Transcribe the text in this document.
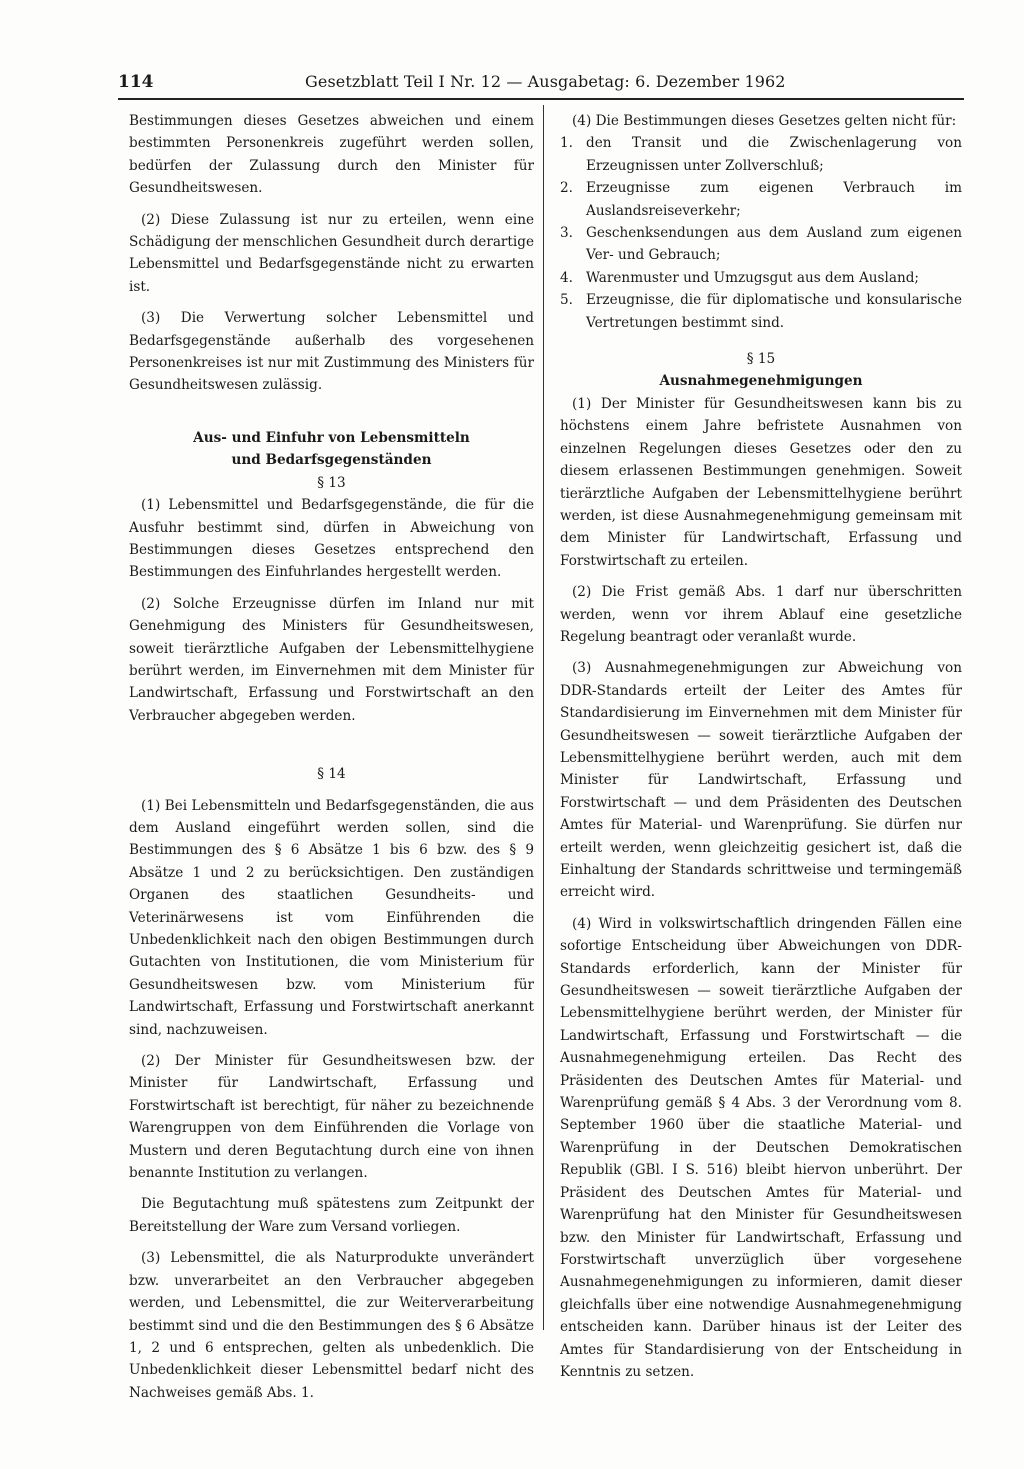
114	Gesetzblatt Teil I Nr. 12 — Ausgabetag: 6. Dezember 1962

Bestimmungen dieses Gesetzes abweichen und einem bestimmten Personenkreis zugeführt werden sollen, bedürfen der Zulassung durch den Minister für Gesundheitswesen.

(2) Diese Zulassung ist nur zu erteilen, wenn eine Schädigung der menschlichen Gesundheit durch derartige Lebensmittel und Bedarfsgegenstände nicht zu erwarten ist.

(3) Die Verwertung solcher Lebensmittel und Bedarfsgegenstände außerhalb des vorgesehenen Personenkreises ist nur mit Zustimmung des Ministers für Gesundheitswesen zulässig.

Aus- und Einfuhr von Lebensmitteln

und Bedarfsgegenständen

§ 13

(1) Lebensmittel und Bedarfsgegenstände, die für die Ausfuhr bestimmt sind, dürfen in Abweichung von Bestimmungen dieses Gesetzes entsprechend den Bestimmungen des Einfuhrlandes hergestellt werden.

(2) Solche Erzeugnisse dürfen im Inland nur mit Genehmigung des Ministers für Gesundheitswesen, soweit tierärztliche Aufgaben der Lebensmittelhygiene berührt werden, im Einvernehmen mit dem Minister für Landwirtschaft, Erfassung und Forstwirtschaft an den Verbraucher abgegeben werden.

§ 14

(1) Bei Lebensmitteln und Bedarfsgegenständen, die aus dem Ausland eingeführt werden sollen, sind die Bestimmungen des § 6 Absätze 1 bis 6 bzw. des § 9 Absätze 1 und 2 zu berücksichtigen. Den zuständigen Organen des staatlichen Gesundheits- und Veterinärwesens ist vom Einführenden die Unbedenklichkeit nach den obigen Bestimmungen durch Gutachten von Institutionen, die vom Ministerium für Gesundheitswesen bzw. vom Ministerium für Landwirtschaft, Erfassung und Forstwirtschaft anerkannt sind, nachzuweisen.

(2) Der Minister für Gesundheitswesen bzw. der Minister für Landwirtschaft, Erfassung und Forstwirtschaft ist berechtigt, für näher zu bezeichnende Warengruppen von dem Einführenden die Vorlage von Mustern und deren Begutachtung durch eine von ihnen benannte Institution zu verlangen.

Die Begutachtung muß spätestens zum Zeitpunkt der Bereitstellung der Ware zum Versand vorliegen.

(3) Lebensmittel, die als Naturprodukte unverändert bzw. unverarbeitet an den Verbraucher abgegeben werden, und Lebensmittel, die zur Weiterverarbeitung bestimmt sind und die den Bestimmungen des § 6 Absätze 1, 2 und 6 entsprechen, gelten als unbedenklich. Die Unbedenklichkeit dieser Lebensmittel bedarf nicht des Nachweises gemäß Abs. 1.

(4) Die Bestimmungen dieses Gesetzes gelten nicht für:

1. den Transit und die Zwischenlagerung von Erzeugnissen unter Zollverschluß;
2. Erzeugnisse zum eigenen Verbrauch im Auslandsreiseverkehr;
3. Geschenksendungen aus dem Ausland zum eigenen Ver- und Gebrauch;
4. Warenmuster und Umzugsgut aus dem Ausland;
5. Erzeugnisse, die für diplomatische und konsularische Vertretungen bestimmt sind.

§ 15

Ausnahmegenehmigungen

(1) Der Minister für Gesundheitswesen kann bis zu höchstens einem Jahre befristete Ausnahmen von einzelnen Regelungen dieses Gesetzes oder den zu diesem erlassenen Bestimmungen genehmigen. Soweit tierärztliche Aufgaben der Lebensmittelhygiene berührt werden, ist diese Ausnahmegenehmigung gemeinsam mit dem Minister für Landwirtschaft, Erfassung und Forstwirtschaft zu erteilen.

(2) Die Frist gemäß Abs. 1 darf nur überschritten werden, wenn vor ihrem Ablauf eine gesetzliche Regelung beantragt oder veranlaßt wurde.

(3) Ausnahmegenehmigungen zur Abweichung von DDR-Standards erteilt der Leiter des Amtes für Standardisierung im Einvernehmen mit dem Minister für Gesundheitswesen — soweit tierärztliche Aufgaben der Lebensmittelhygiene berührt werden, auch mit dem Minister für Landwirtschaft, Erfassung und Forstwirtschaft — und dem Präsidenten des Deutschen Amtes für Material- und Warenprüfung. Sie dürfen nur erteilt werden, wenn gleichzeitig gesichert ist, daß die Einhaltung der Standards schrittweise und termingemäß erreicht wird.

(4) Wird in volkswirtschaftlich dringenden Fällen eine sofortige Entscheidung über Abweichungen von DDR-Standards erforderlich, kann der Minister für Gesundheitswesen — soweit tierärztliche Aufgaben der Lebensmittelhygiene berührt werden, der Minister für Landwirtschaft, Erfassung und Forstwirtschaft — die Ausnahmegenehmigung erteilen. Das Recht des Präsidenten des Deutschen Amtes für Material- und Warenprüfung gemäß § 4 Abs. 3 der Verordnung vom 8. September 1960 über die staatliche Material- und Warenprüfung in der Deutschen Demokratischen Republik (GBl. I S. 516) bleibt hiervon unberührt. Der Präsident des Deutschen Amtes für Material- und Warenprüfung hat den Minister für Gesundheitswesen bzw. den Minister für Landwirtschaft, Erfassung und Forstwirtschaft unverzüglich über vorgesehene Ausnahmegenehmigungen zu informieren, damit dieser gleichfalls über eine notwendige Ausnahmegenehmigung entscheiden kann. Darüber hinaus ist der Leiter des Amtes für Standardisierung von der Entscheidung in Kenntnis zu setzen.
